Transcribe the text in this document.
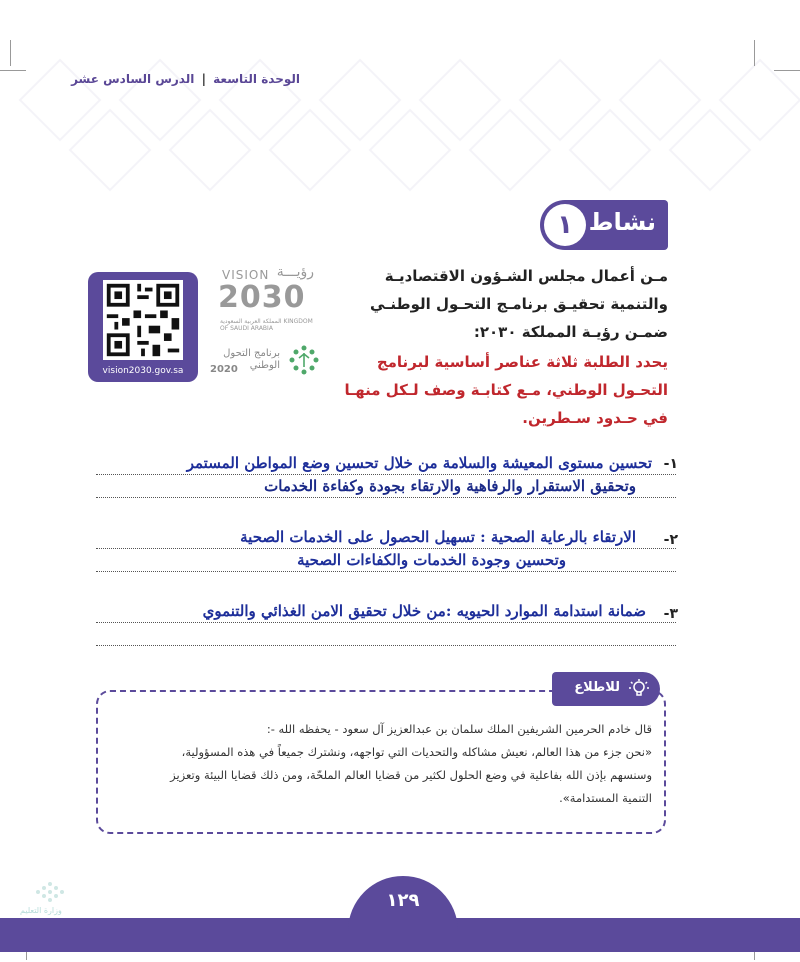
الوحدة التاسعة | الدرس السادس عشر
نشاط
١
مـن أعمال مجلس الشـؤون الاقتصاديـة والتنمية تحقيـق برنامـج التحـول الوطنـي ضمـن رؤيـة المملكة ٢٠٣٠:
يحدد الطلبة ثلاثة عناصر أساسية لبرنامج التحـول الوطني، مـع كتابـة وصف لـكل منهـا في حـدود سـطرين.
VISION رؤيـــة
2030
المملكة العربية السعودية KINGDOM OF SAUDI ARABIA
برنامج التحول الوطني
2020
vision2030.gov.sa
١-
تحسين مستوى المعيشة والسلامة من خلال تحسين وضع المواطن المستمر
وتحقيق الاستقرار والرفاهية والارتقاء بجودة وكفاءة الخدمات
٢-
الارتقاء بالرعاية الصحية : تسهيل الحصول على الخدمات الصحية
وتحسين وجودة الخدمات والكفاءات الصحية
٣-
ضمانة استدامة الموارد الحيويه :من خلال تحقيق الامن الغذائي والتنموي
للاطلاع
قال خادم الحرمين الشريفين الملك سلمان بن عبدالعزيز آل سعود - يحفظه الله -:
«نحن جزء من هذا العالم، نعيش مشاكله والتحديات التي تواجهه، ونشترك جميعاً في هذه المسؤولية،
وسنسهم بإذن الله بفاعلية في وضع الحلول لكثير من قضايا العالم الملحّة، ومن ذلك قضايا البيئة وتعزيز
التنمية المستدامة».
وزارة التعليم	١٢٩
